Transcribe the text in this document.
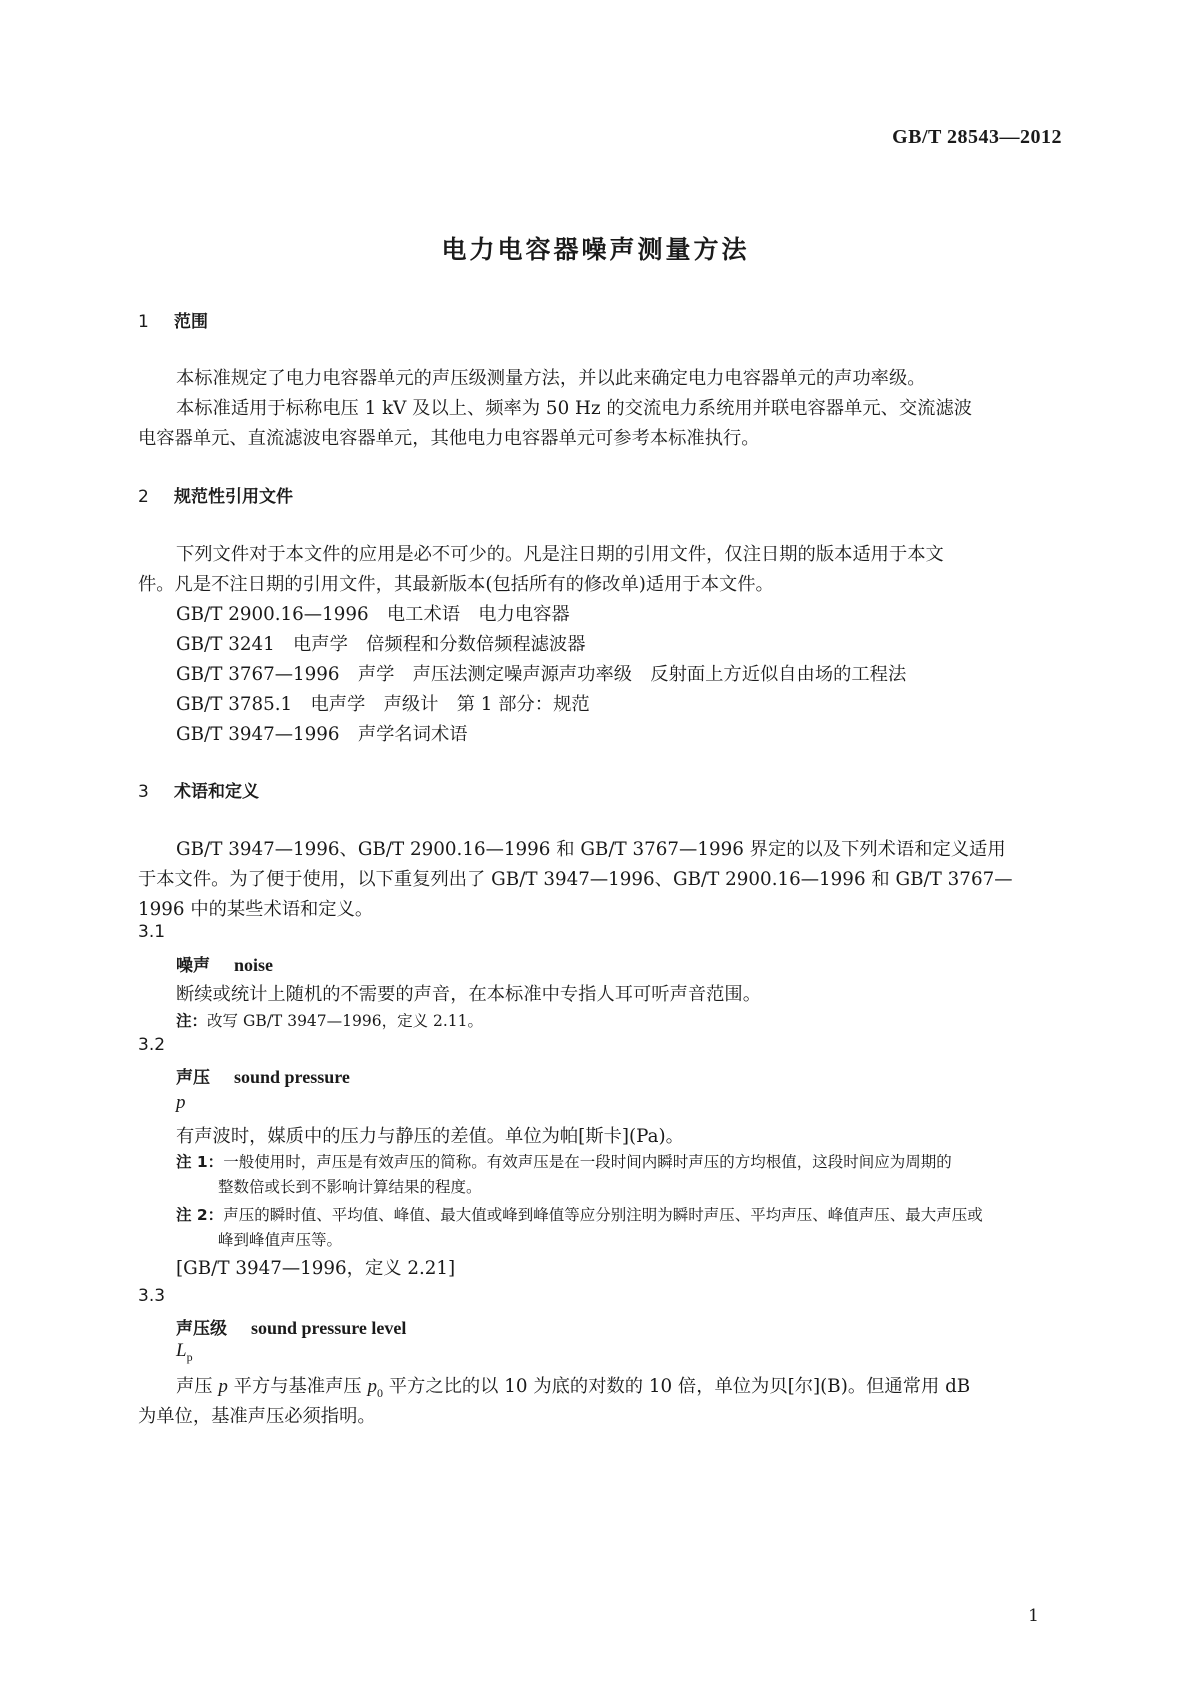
GB/T 28543—2012
电力电容器噪声测量方法
1 范围
本标准规定了电力电容器单元的声压级测量方法，并以此来确定电力电容器单元的声功率级。
本标准适用于标称电压 1 kV 及以上、频率为 50 Hz 的交流电力系统用并联电容器单元、交流滤波
电容器单元、直流滤波电容器单元，其他电力电容器单元可参考本标准执行。
2 规范性引用文件
下列文件对于本文件的应用是必不可少的。凡是注日期的引用文件，仅注日期的版本适用于本文
件。凡是不注日期的引用文件，其最新版本(包括所有的修改单)适用于本文件。
GB/T 2900.16—1996　电工术语　电力电容器
GB/T 3241　电声学　倍频程和分数倍频程滤波器
GB/T 3767—1996　声学　声压法测定噪声源声功率级　反射面上方近似自由场的工程法
GB/T 3785.1　电声学　声级计　第 1 部分：规范
GB/T 3947—1996　声学名词术语
3 术语和定义
GB/T 3947—1996、GB/T 2900.16—1996 和 GB/T 3767—1996 界定的以及下列术语和定义适用
于本文件。为了便于使用，以下重复列出了 GB/T 3947—1996、GB/T 2900.16—1996 和 GB/T 3767—
1996 中的某些术语和定义。
3.1
噪声 noise
断续或统计上随机的不需要的声音，在本标准中专指人耳可听声音范围。
注：改写 GB/T 3947—1996，定义 2.11。
3.2
声压 sound pressure
p
有声波时，媒质中的压力与静压的差值。单位为帕[斯卡](Pa)。
注 1：一般使用时，声压是有效声压的简称。有效声压是在一段时间内瞬时声压的方均根值，这段时间应为周期的
整数倍或长到不影响计算结果的程度。
注 2：声压的瞬时值、平均值、峰值、最大值或峰到峰值等应分别注明为瞬时声压、平均声压、峰值声压、最大声压或
峰到峰值声压等。
[GB/T 3947—1996，定义 2.21]
3.3
声压级 sound pressure level
$L_p$
声压 p 平方与基准声压 $p_0$ 平方之比的以 10 为底的对数的 10 倍，单位为贝[尔](B)。但通常用 dB
为单位，基准声压必须指明。
1
